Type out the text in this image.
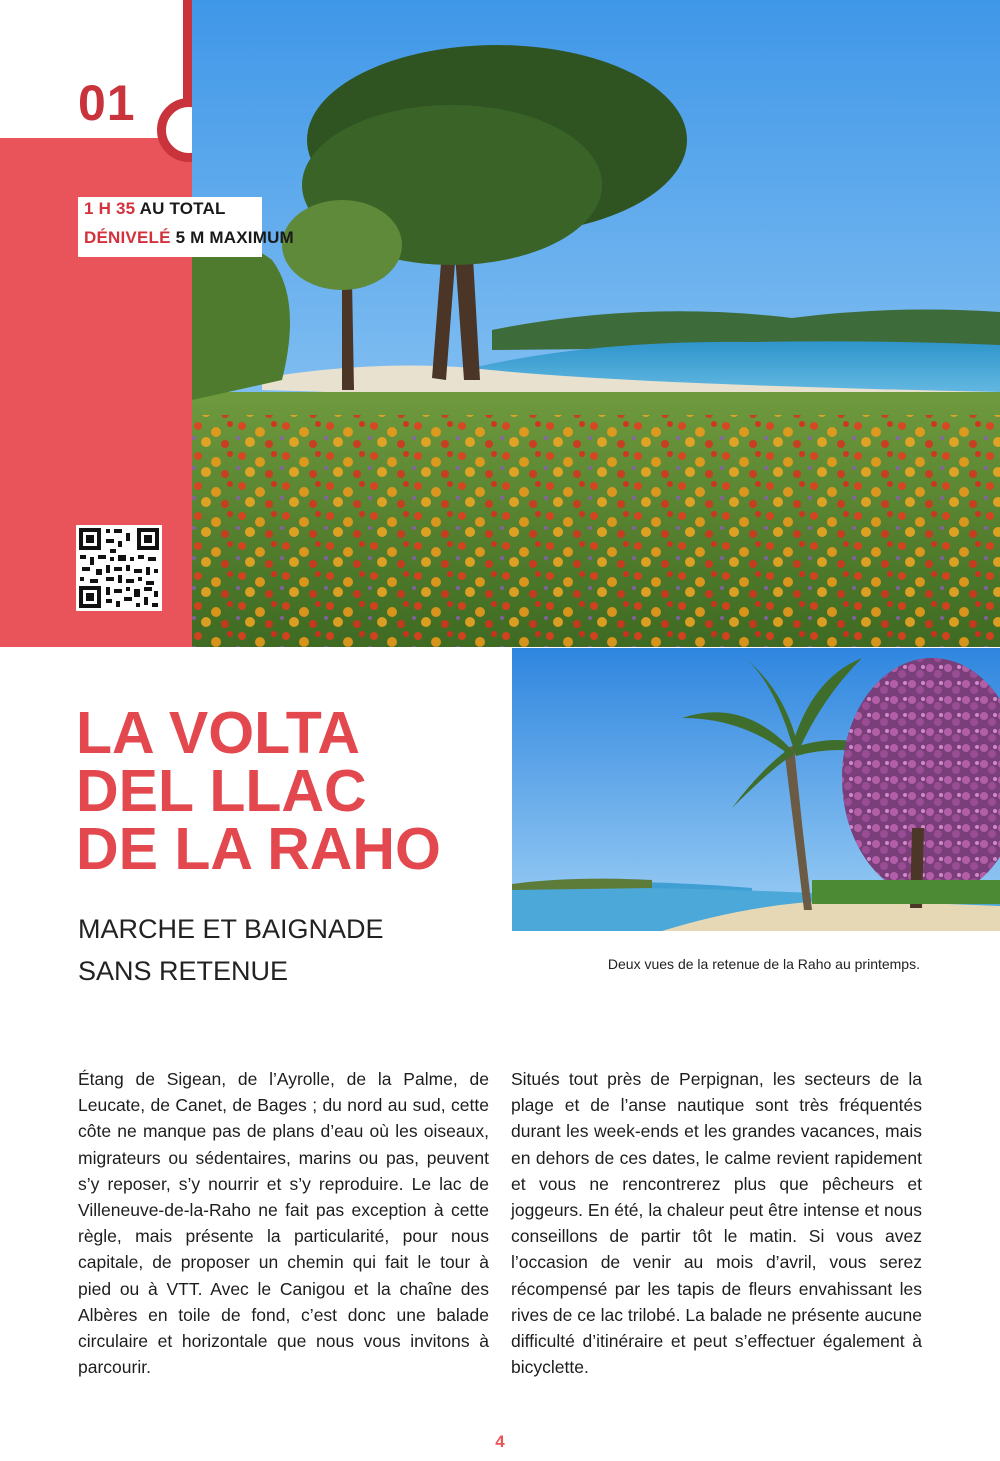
01
1 H 35 AU TOTAL
DÉNIVELÉ 5 M MAXIMUM
LA VOLTA
DEL LLAC
DE LA RAHO
MARCHE ET BAIGNADE
SANS RETENUE	Deux vues de la retenue de la Raho au printemps.
Étang de Sigean, de l’Ayrolle, de la Palme, de Leucate, de Canet, de Bages ; du nord au sud, cette côte ne manque pas de plans d’eau où les oiseaux, migrateurs ou sédentaires, marins ou pas, peuvent s’y reposer, s’y nourrir et s’y reproduire. Le lac de Villeneuve-de-la-Raho ne fait pas exception à cette règle, mais présente la particularité, pour nous capitale, de proposer un chemin qui fait le tour à pied ou à VTT. Avec le Canigou et la chaîne des Albères en toile de fond, c’est donc une balade circulaire et horizontale que nous vous invitons à parcourir.
Situés tout près de Perpignan, les secteurs de la plage et de l’anse nautique sont très fréquentés durant les week-ends et les grandes vacances, mais en dehors de ces dates, le calme revient rapidement et vous ne rencontrerez plus que pêcheurs et joggeurs. En été, la chaleur peut être intense et nous conseillons de partir tôt le matin. Si vous avez l’occasion de venir au mois d’avril, vous serez récompensé par les tapis de fleurs envahissant les rives de ce lac trilobé. La balade ne présente aucune difficulté d’itinéraire et peut s’effectuer également à bicyclette.
4
